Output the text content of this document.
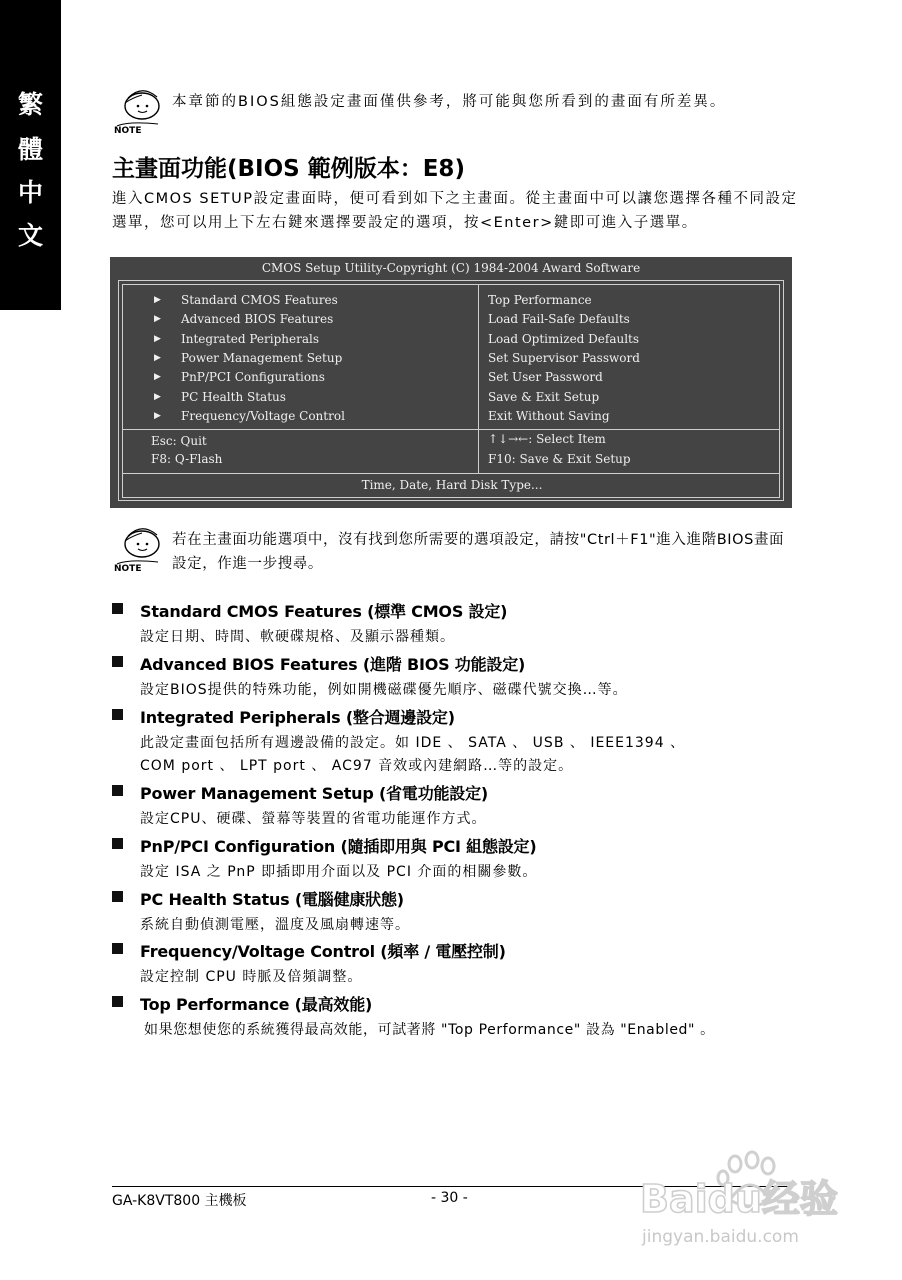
繁
體
中
文
NOTE
本章節的BIOS組態設定畫面僅供參考，將可能與您所看到的畫面有所差異。
主畫面功能(BIOS 範例版本：E8)
進入CMOS SETUP設定畫面時，便可看到如下之主畫面。從主畫面中可以讓您選擇各種不同設定選單，您可以用上下左右鍵來選擇要設定的選項，按<Enter>鍵即可進入子選單。
CMOS Setup Utility-Copyright (C) 1984-2004 Award Software
▶
▶
▶
▶
▶
▶
▶
Standard CMOS Features
Advanced BIOS Features
Integrated Peripherals
Power Management Setup
PnP/PCI Configurations
PC Health Status
Frequency/Voltage Control
Top Performance
Load Fail-Safe Defaults
Load Optimized Defaults
Set Supervisor Password
Set User Password
Save & Exit Setup
Exit Without Saving
Esc: Quit
F8: Q-Flash
↑↓→←: Select Item
F10: Save & Exit Setup
Time, Date, Hard Disk Type...
NOTE
若在主畫面功能選項中，沒有找到您所需要的選項設定，請按"Ctrl＋F1"進入進階BIOS畫面設定，作進一步搜尋。
Standard CMOS Features (標準 CMOS 設定)
設定日期、時間、軟硬碟規格、及顯示器種類。
Advanced BIOS Features (進階 BIOS 功能設定)
設定BIOS提供的特殊功能，例如開機磁碟優先順序、磁碟代號交換…等。
Integrated Peripherals (整合週邊設定)
此設定畫面包括所有週邊設備的設定。如 IDE 、 SATA 、 USB 、 IEEE1394 、
COM port 、 LPT port 、 AC97 音效或內建網路…等的設定。
Power Management Setup (省電功能設定)
設定CPU、硬碟、螢幕等裝置的省電功能運作方式。
PnP/PCI Configuration (隨插即用與 PCI 組態設定)
設定 ISA 之 PnP 即插即用介面以及 PCI 介面的相關參數。
PC Health Status (電腦健康狀態)
系統自動偵測電壓，溫度及風扇轉速等。
Frequency/Voltage Control (頻率 / 電壓控制)
設定控制 CPU 時脈及倍頻調整。
Top Performance (最高效能)
如果您想使您的系統獲得最高效能，可試著將 "Top Performance" 設為 "Enabled" 。
GA-K8VT800 主機板	- 30 -	Baidu经验
jingyan.baidu.com
